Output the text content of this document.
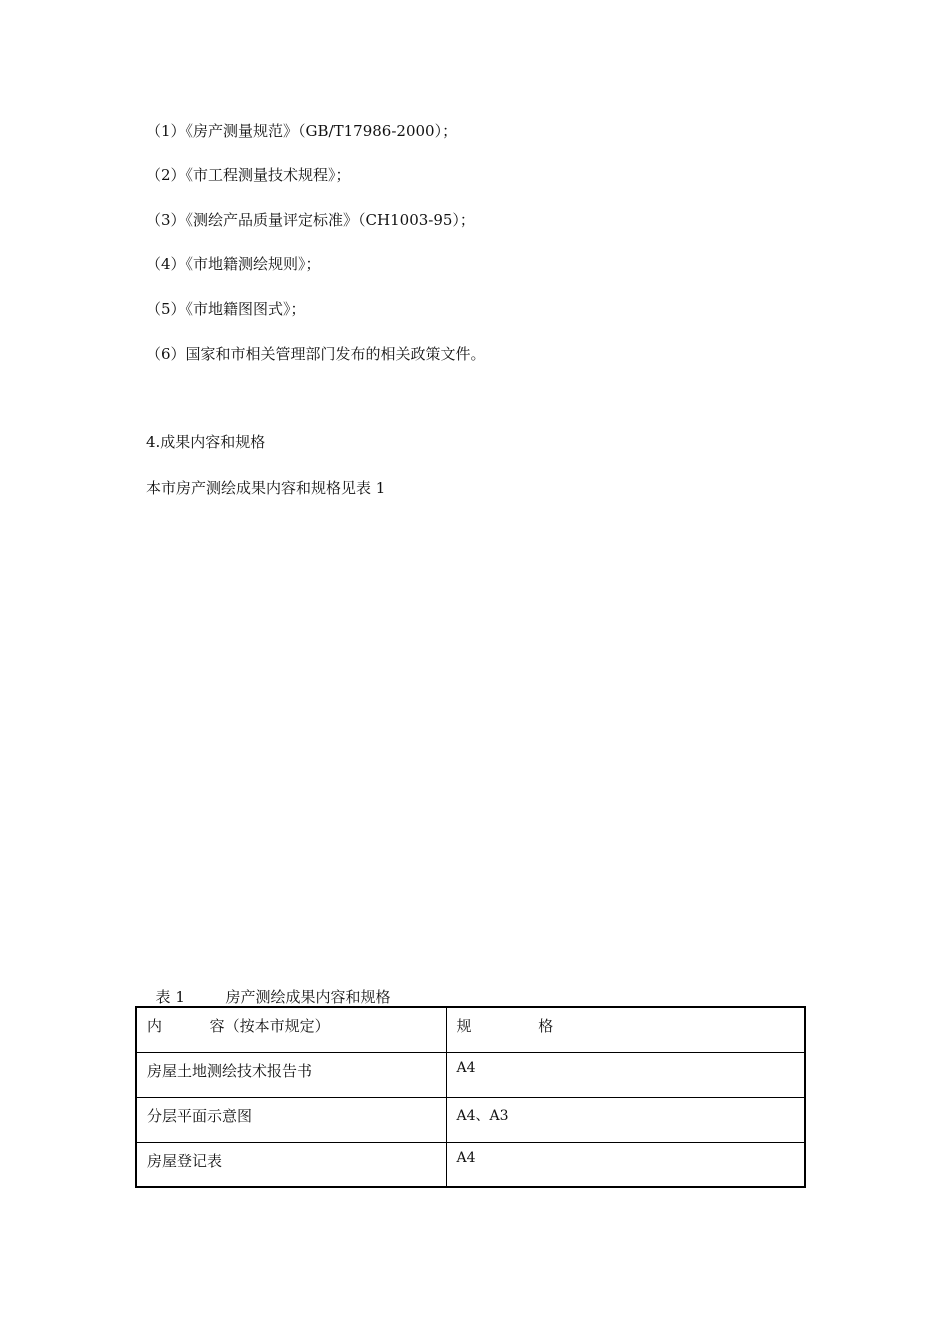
（1）《房产测量规范》（GB/T17986-2000）；
（2）《市工程测量技术规程》；
（3）《测绘产品质量评定标准》（CH1003-95）；
（4）《市地籍测绘规则》；
（5）《市地籍图图式》；
（6）国家和市相关管理部门发布的相关政策文件。
4.成果内容和规格
本市房产测绘成果内容和规格见表 1

表 1	房产测绘成果内容和规格

内          容（按本市规定）	规              格
房屋土地测绘技术报告书	A4
分层平面示意图	A4、A3
房屋登记表	A4
